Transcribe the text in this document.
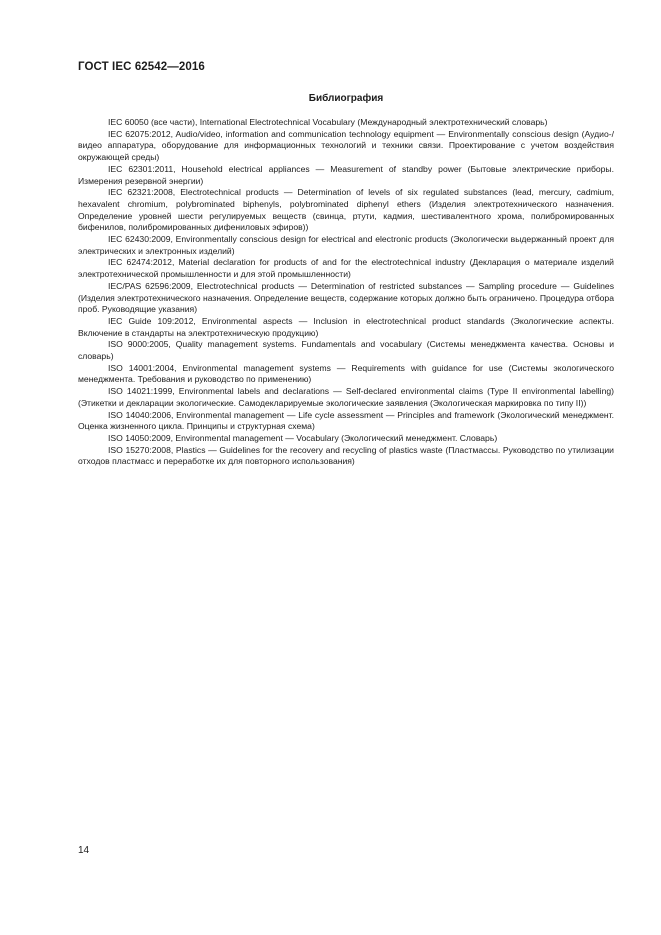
ГОСТ IEC 62542—2016
Библиография

IEC 60050 (все части), International Electrotechnical Vocabulary (Международный электротехнический словарь)

IEC 62075:2012, Audio/video, information and communication technology equipment — Environmentally conscious design (Аудио-/видео аппаратура, оборудование для информационных технологий и техники связи. Проектирование с учетом воздействия окружающей среды)

IEC 62301:2011, Household electrical appliances — Measurement of standby power (Бытовые электрические приборы. Измерения резервной энергии)

IEC 62321:2008, Electrotechnical products — Determination of levels of six regulated substances (lead, mercury, cadmium, hexavalent chromium, polybrominated biphenyls, polybrominated diphenyl ethers (Изделия электротехнического назначения. Определение уровней шести регулируемых веществ (свинца, ртути, кадмия, шестивалентного хрома, полибромированных бифенилов, полибромированных дифениловых эфиров))

IEC 62430:2009, Environmentally conscious design for electrical and electronic products (Экологически выдержанный проект для электрических и электронных изделий)

IEC 62474:2012, Material declaration for products of and for the electrotechnical industry (Декларация о материале изделий электротехнической промышленности и для этой промышленности)

IEC/PAS 62596:2009, Electrotechnical products — Determination of restricted substances — Sampling procedure — Guidelines (Изделия электротехнического назначения. Определение веществ, содержание которых должно быть ограничено. Процедура отбора проб. Руководящие указания)

IEC Guide 109:2012, Environmental aspects — Inclusion in electrotechnical product standards (Экологические аспекты. Включение в стандарты на электротехническую продукцию)

ISO 9000:2005, Quality management systems. Fundamentals and vocabulary (Системы менеджмента качества. Основы и словарь)

ISO 14001:2004, Environmental management systems — Requirements with guidance for use (Системы экологического менеджмента. Требования и руководство по применению)

ISO 14021:1999, Environmental labels and declarations — Self-declared environmental claims (Type II environmental labelling) (Этикетки и декларации экологические. Самодекларируемые экологические заявления (Экологическая маркировка по типу II))

ISO 14040:2006, Environmental management — Life cycle assessment — Principles and framework (Экологический менеджмент. Оценка жизненного цикла. Принципы и структурная схема)

ISO 14050:2009, Environmental management — Vocabulary (Экологический менеджмент. Словарь)

ISO 15270:2008, Plastics — Guidelines for the recovery and recycling of plastics waste (Пластмассы. Руководство по утилизации отходов пластмасс и переработке их для повторного использования)

14
